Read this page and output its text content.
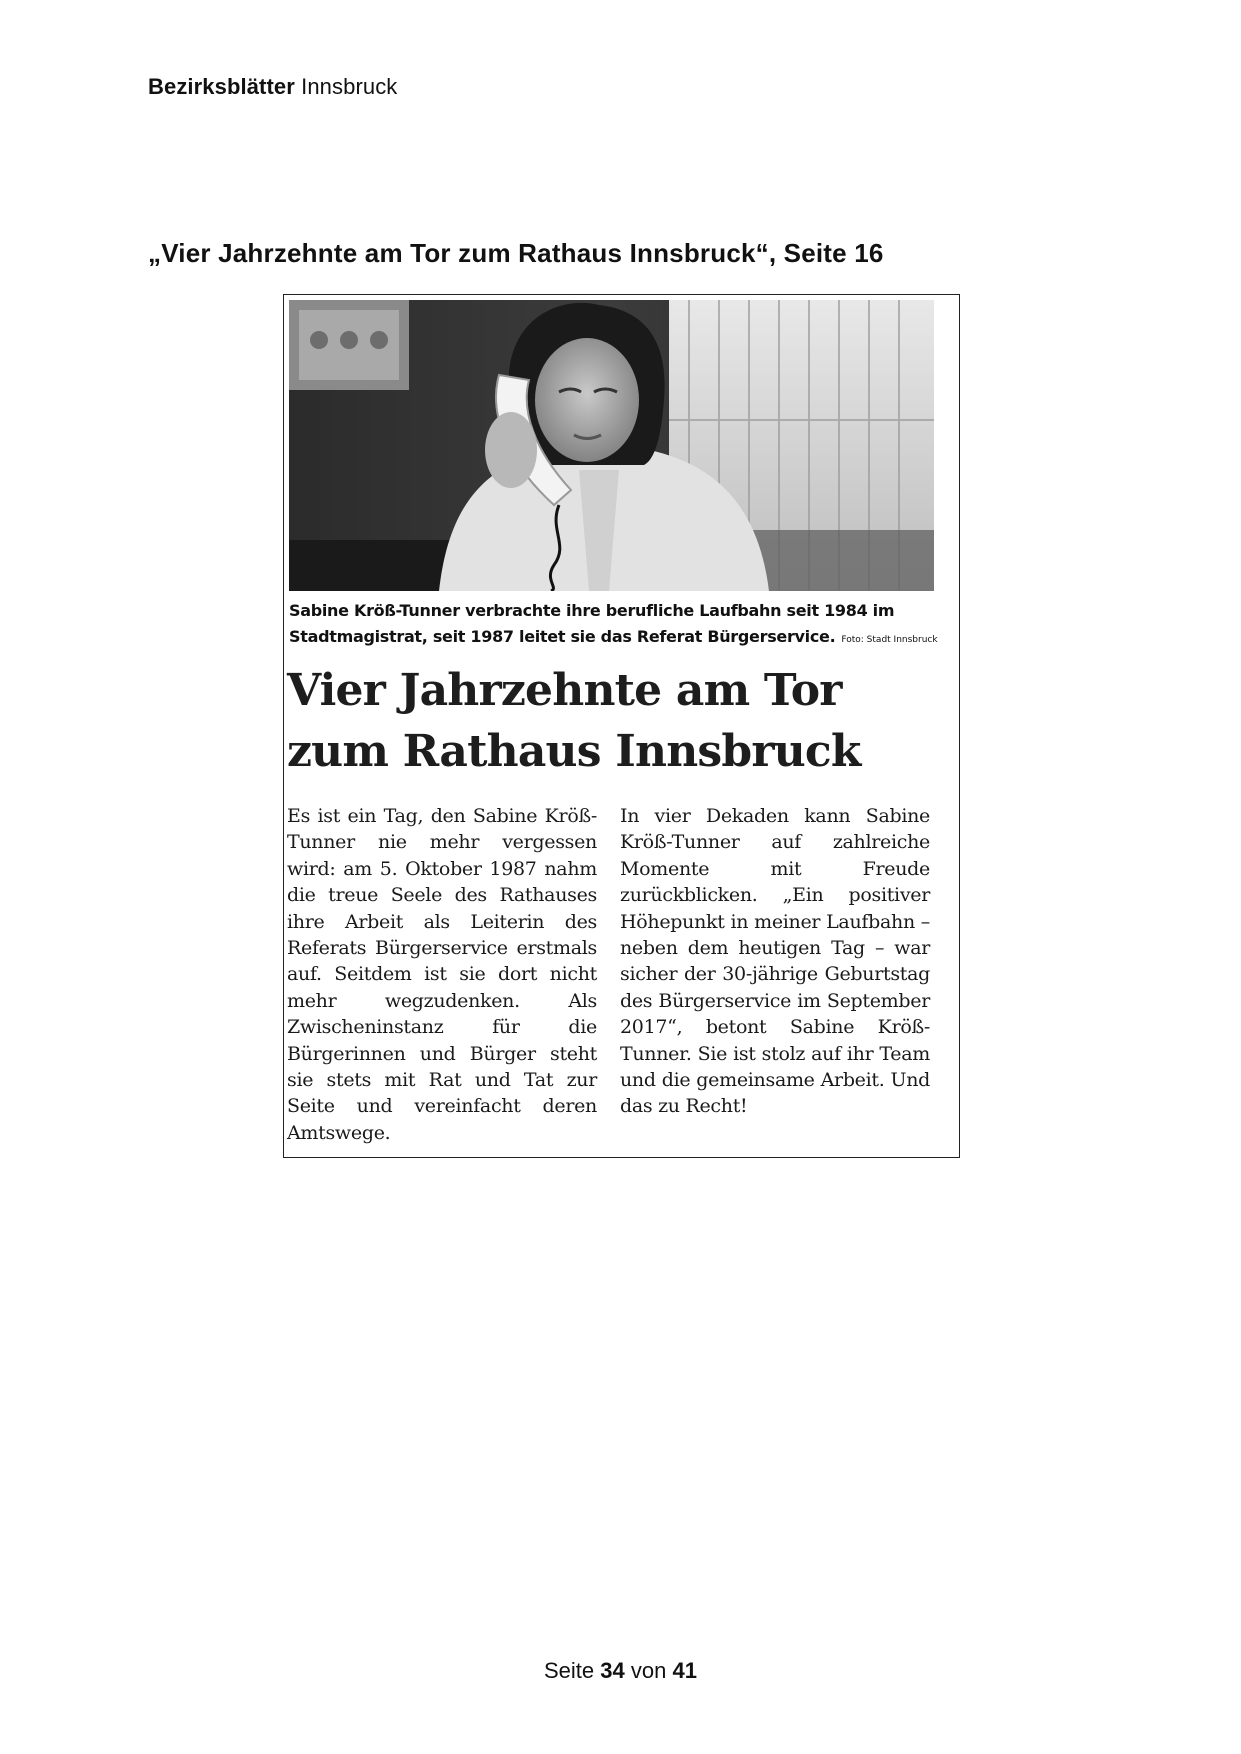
Bezirksblätter Innsbruck
„Vier Jahrzehnte am Tor zum Rathaus Innsbruck“, Seite 16
Sabine Kröß-Tunner verbrachte ihre berufliche Laufbahn seit 1984 im Stadtmagistrat, seit 1987 leitet sie das Referat Bürgerservice. Foto: Stadt Innsbruck
Vier Jahrzehnte am Tor
zum Rathaus Innsbruck
Es ist ein Tag, den Sabine Kröß-Tunner nie mehr vergessen wird: am 5. Oktober 1987 nahm die treue Seele des Rathauses ihre Arbeit als Leiterin des Referats Bürgerservice erstmals auf. Seitdem ist sie dort nicht mehr wegzudenken. Als Zwischeninstanz für die Bürgerinnen und Bürger steht sie stets mit Rat und Tat zur Seite und vereinfacht deren Amtswege.
In vier Dekaden kann Sabine Kröß-Tunner auf zahlreiche Momente mit Freude zurückblicken. „Ein positiver Höhepunkt in meiner Laufbahn – neben dem heutigen Tag – war sicher der 30-jährige Geburtstag des Bürgerservice im September 2017“, betont Sabine Kröß-Tunner. Sie ist stolz auf ihr Team und die gemeinsame Arbeit. Und das zu Recht!
Seite 34 von 41
